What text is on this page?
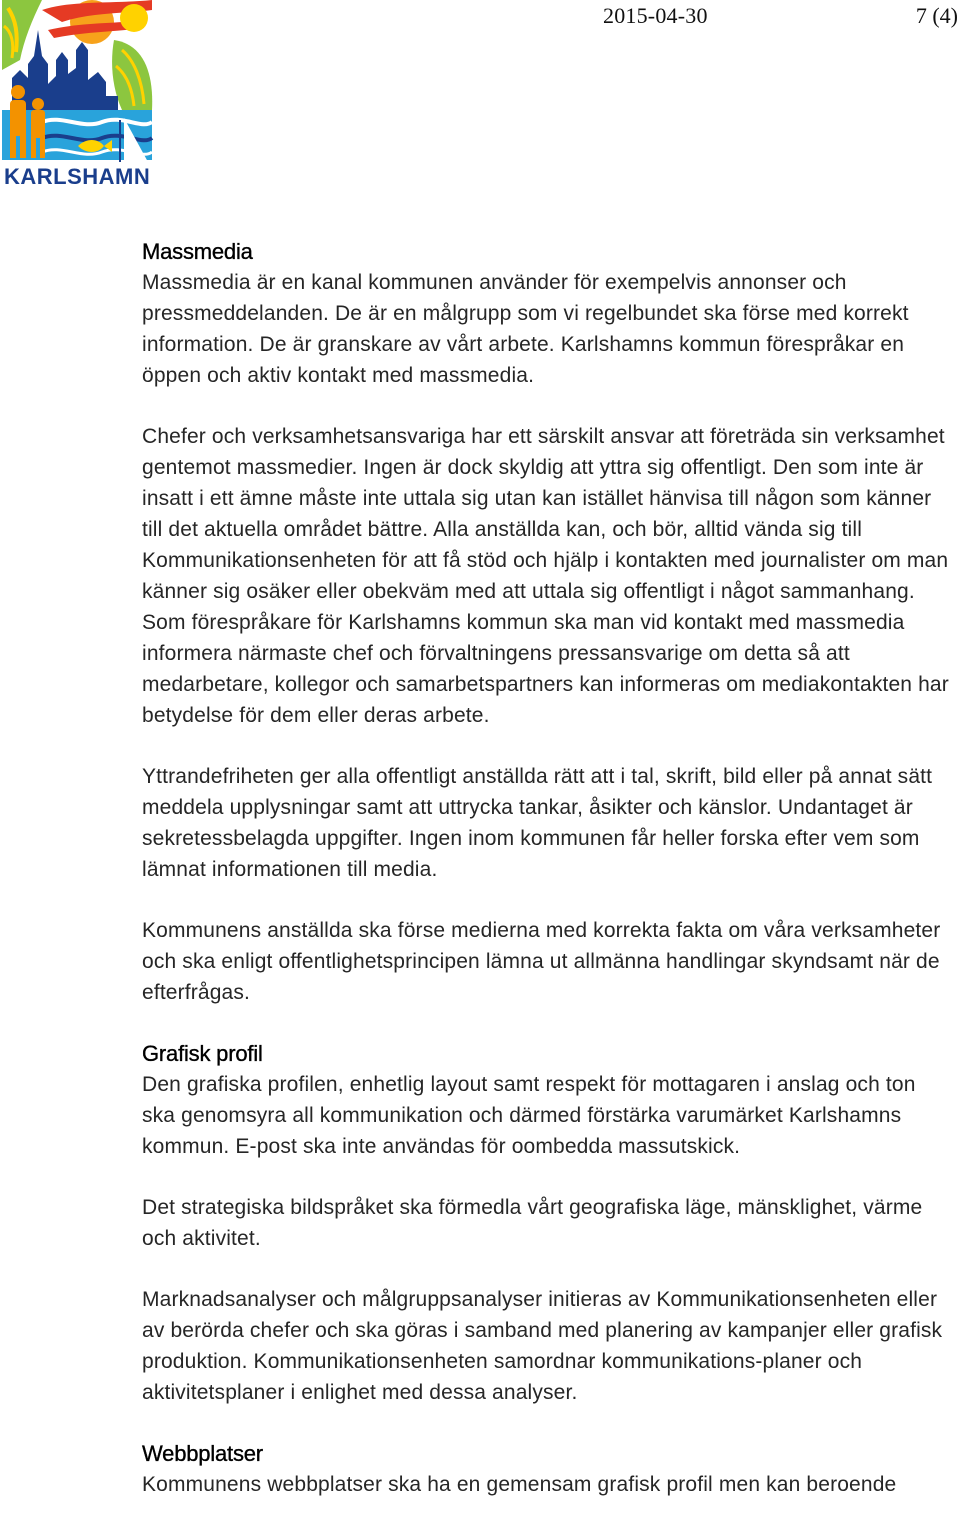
KARLSHAMN
2015-04-30	7 (4)
Massmedia

Massmedia är en kanal kommunen använder för exempelvis annonser och pressmeddelanden. De är en målgrupp som vi regelbundet ska förse med korrekt information. De är granskare av vårt arbete. Karlshamns kommun förespråkar en öppen och aktiv kontakt med massmedia.

Chefer och verksamhetsansvariga har ett särskilt ansvar att företräda sin verksamhet gentemot massmedier. Ingen är dock skyldig att yttra sig offentligt. Den som inte är insatt i ett ämne måste inte uttala sig utan kan istället hänvisa till någon som känner till det aktuella området bättre. Alla anställda kan, och bör, alltid vända sig till Kommunikationsenheten för att få stöd och hjälp i kontakten med journalister om man känner sig osäker eller obekväm med att uttala sig offentligt i något sammanhang. Som förespråkare för Karlshamns kommun ska man vid kontakt med massmedia informera närmaste chef och förvaltningens pressansvarige om detta så att medarbetare, kollegor och samarbetspartners kan informeras om mediakontakten har betydelse för dem eller deras arbete.

Yttrandefriheten ger alla offentligt anställda rätt att i tal, skrift, bild eller på annat sätt meddela upplysningar samt att uttrycka tankar, åsikter och känslor. Undantaget är sekretessbelagda uppgifter. Ingen inom kommunen får heller forska efter vem som lämnat informationen till media.

Kommunens anställda ska förse medierna med korrekta fakta om våra verksamheter och ska enligt offentlighetsprincipen lämna ut allmänna handlingar skyndsamt när de efterfrågas.

Grafisk profil

Den grafiska profilen, enhetlig layout samt respekt för mottagaren i anslag och ton ska genomsyra all kommunikation och därmed förstärka varumärket Karlshamns kommun. E-post ska inte användas för oombedda massutskick.

Det strategiska bildspråket ska förmedla vårt geografiska läge, mänsklighet, värme och aktivitet.

Marknadsanalyser och målgruppsanalyser initieras av Kommunikationsenheten eller av berörda chefer och ska göras i samband med planering av kampanjer eller grafisk produktion. Kommunikationsenheten samordnar kommunikations-planer och aktivitetsplaner i enlighet med dessa analyser.

Webbplatser

Kommunens webbplatser ska ha en gemensam grafisk profil men kan beroende
